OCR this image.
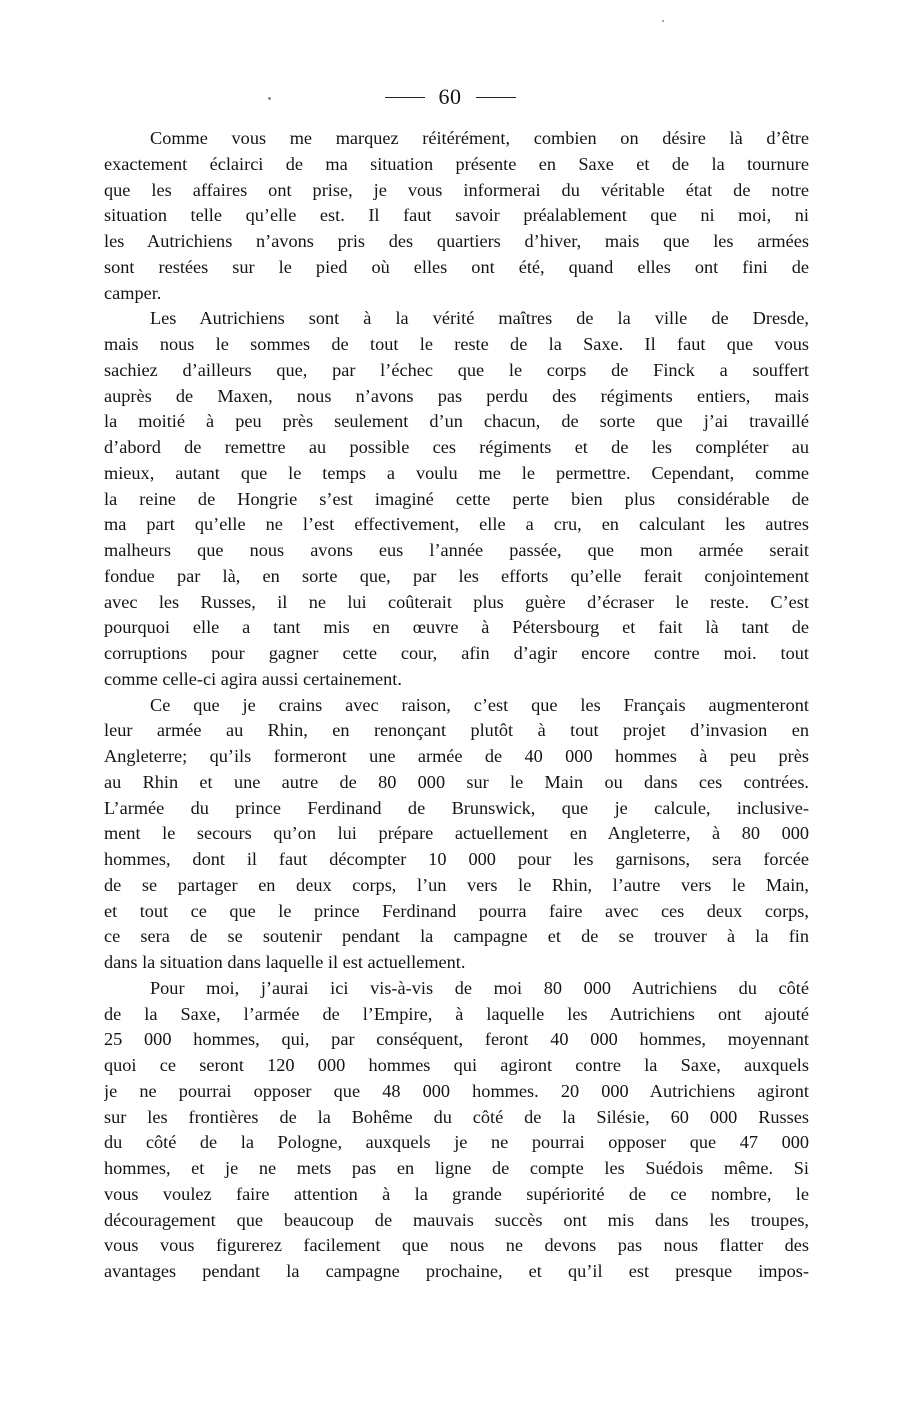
60
Comme vous me marquez réitérément, combien on désire là d’être
exactement éclairci de ma situation présente en Saxe et de la tournure
que les affaires ont prise, je vous informerai du véritable état de notre
situation telle qu’elle est. Il faut savoir préalablement que ni moi, ni
les Autrichiens n’avons pris des quartiers d’hiver, mais que les armées
sont restées sur le pied où elles ont été, quand elles ont fini de
camper.
Les Autrichiens sont à la vérité maîtres de la ville de Dresde,
mais nous le sommes de tout le reste de la Saxe. Il faut que vous
sachiez d’ailleurs que, par l’échec que le corps de Finck a souffert
auprès de Maxen, nous n’avons pas perdu des régiments entiers, mais
la moitié à peu près seulement d’un chacun, de sorte que j’ai travaillé
d’abord de remettre au possible ces régiments et de les compléter au
mieux, autant que le temps a voulu me le permettre. Cependant, comme
la reine de Hongrie s’est imaginé cette perte bien plus considérable de
ma part qu’elle ne l’est effectivement, elle a cru, en calculant les autres
malheurs que nous avons eus l’année passée, que mon armée serait
fondue par là, en sorte que, par les efforts qu’elle ferait conjointement
avec les Russes, il ne lui coûterait plus guère d’écraser le reste. C’est
pourquoi elle a tant mis en œuvre à Pétersbourg et fait là tant de
corruptions pour gagner cette cour, afin d’agir encore contre moi. tout
comme celle-ci agira aussi certainement.
Ce que je crains avec raison, c’est que les Français augmenteront
leur armée au Rhin, en renonçant plutôt à tout projet d’invasion en
Angleterre; qu’ils formeront une armée de 40 000 hommes à peu près
au Rhin et une autre de 80 000 sur le Main ou dans ces contrées.
L’armée du prince Ferdinand de Brunswick, que je calcule, inclusive-
ment le secours qu’on lui prépare actuellement en Angleterre, à 80 000
hommes, dont il faut décompter 10 000 pour les garnisons, sera forcée
de se partager en deux corps, l’un vers le Rhin, l’autre vers le Main,
et tout ce que le prince Ferdinand pourra faire avec ces deux corps,
ce sera de se soutenir pendant la campagne et de se trouver à la fin
dans la situation dans laquelle il est actuellement.
Pour moi, j’aurai ici vis-à-vis de moi 80 000 Autrichiens du côté
de la Saxe, l’armée de l’Empire, à laquelle les Autrichiens ont ajouté
25 000 hommes, qui, par conséquent, feront 40 000 hommes, moyennant
quoi ce seront 120 000 hommes qui agiront contre la Saxe, auxquels
je ne pourrai opposer que 48 000 hommes. 20 000 Autrichiens agiront
sur les frontières de la Bohême du côté de la Silésie, 60 000 Russes
du côté de la Pologne, auxquels je ne pourrai opposer que 47 000
hommes, et je ne mets pas en ligne de compte les Suédois même. Si
vous voulez faire attention à la grande supériorité de ce nombre, le
découragement que beaucoup de mauvais succès ont mis dans les troupes,
vous vous figurerez facilement que nous ne devons pas nous flatter des
avantages pendant la campagne prochaine, et qu’il est presque impos-
